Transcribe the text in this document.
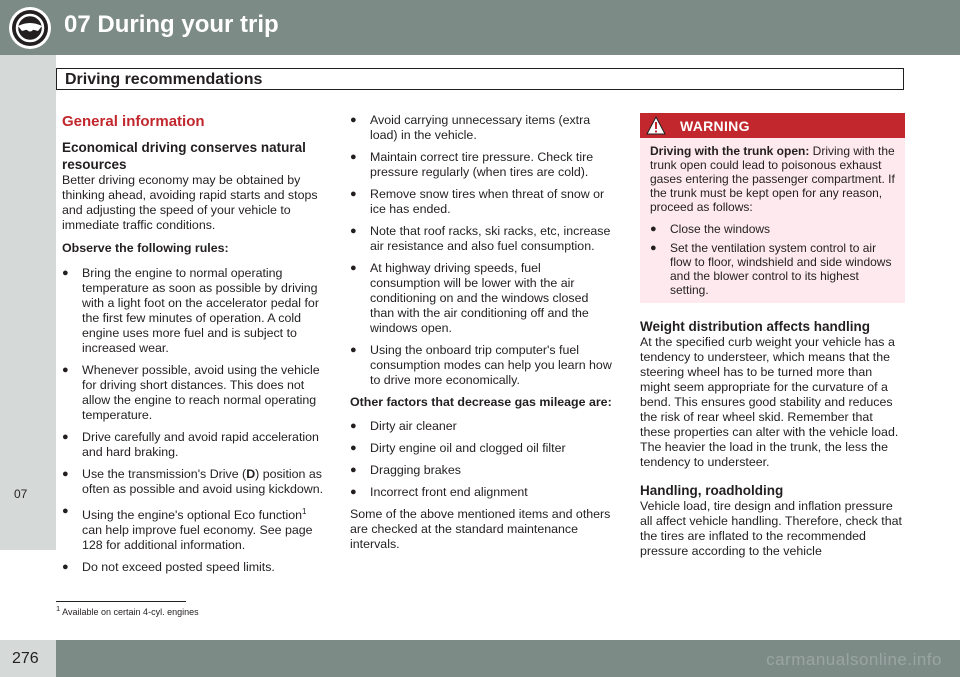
07 During your trip
Driving recommendations
07
General information
Economical driving conserves natural resources

Better driving economy may be obtained by thinking ahead, avoiding rapid starts and stops and adjusting the speed of your vehicle to immediate traffic conditions.

Observe the following rules:

● Bring the engine to normal operating temperature as soon as possible by driving with a light foot on the accelerator pedal for the first few minutes of operation. A cold engine uses more fuel and is subject to increased wear.
● Whenever possible, avoid using the vehicle for driving short distances. This does not allow the engine to reach normal operating temperature.
● Drive carefully and avoid rapid acceleration and hard braking.
● Use the transmission's Drive (D) position as often as possible and avoid using kickdown.
● Using the engine's optional Eco function$^1$ can help improve fuel economy. See page 128 for additional information.
● Do not exceed posted speed limits.
● Avoid carrying unnecessary items (extra load) in the vehicle.
● Maintain correct tire pressure. Check tire pressure regularly (when tires are cold).
● Remove snow tires when threat of snow or ice has ended.
● Note that roof racks, ski racks, etc, increase air resistance and also fuel consumption.
● At highway driving speeds, fuel consumption will be lower with the air conditioning on and the windows closed than with the air conditioning off and the windows open.
● Using the onboard trip computer's fuel consumption modes can help you learn how to drive more economically.

Other factors that decrease gas mileage are:

● Dirty air cleaner
● Dirty engine oil and clogged oil filter
● Dragging brakes
● Incorrect front end alignment

Some of the above mentioned items and others are checked at the standard maintenance intervals.

WARNING

Driving with the trunk open: Driving with the trunk open could lead to poisonous exhaust gases entering the passenger compartment. If the trunk must be kept open for any reason, proceed as follows:

● Close the windows
● Set the ventilation system control to air flow to floor, windshield and side windows and the blower control to its highest setting.
Weight distribution affects handling

At the specified curb weight your vehicle has a tendency to understeer, which means that the steering wheel has to be turned more than might seem appropriate for the curvature of a bend. This ensures good stability and reduces the risk of rear wheel skid. Remember that these properties can alter with the vehicle load. The heavier the load in the trunk, the less the tendency to understeer.

Handling, roadholding

Vehicle load, tire design and inflation pressure all affect vehicle handling. Therefore, check that the tires are inflated to the recommended pressure according to the vehicle

$^1$ Available on certain 4-cyl. engines
276	carmanualsonline.info
